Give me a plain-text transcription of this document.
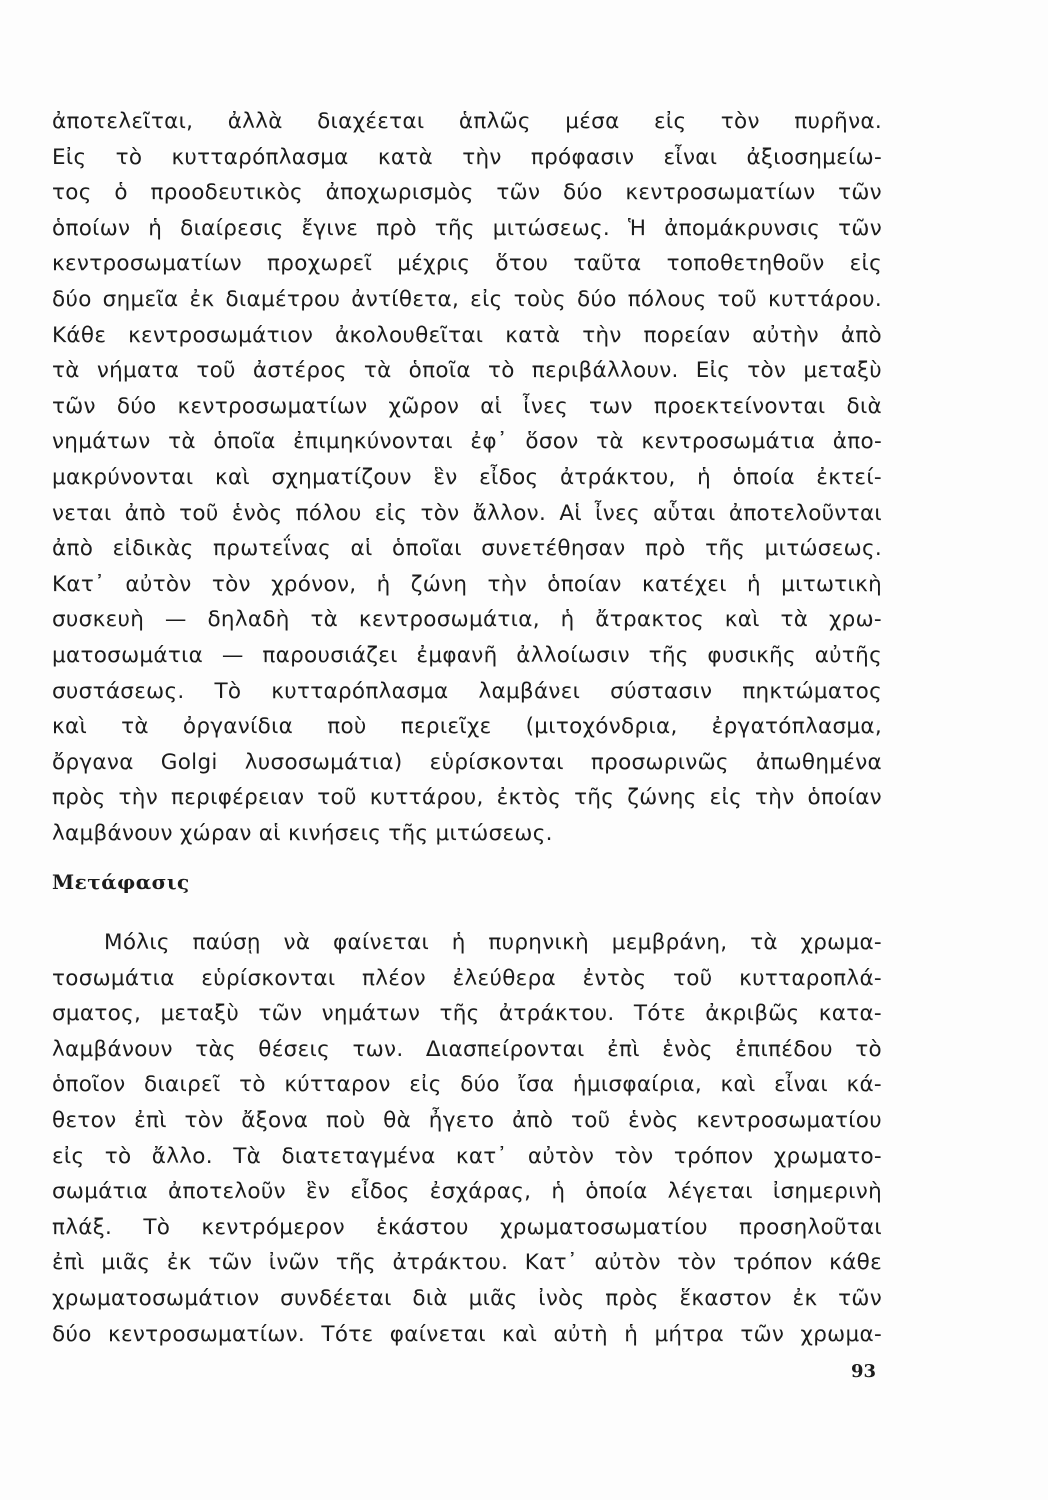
ἀποτελεῖται, ἀλλὰ διαχέεται ἁπλῶς μέσα εἰς τὸν πυρῆνα.
Εἰς τὸ κυτταρόπλασμα κατὰ τὴν πρόφασιν εἶναι ἀξιοσημείω-
τος ὁ προοδευτικὸς ἀποχωρισμὸς τῶν δύο κεντροσωματίων τῶν
ὁποίων ἡ διαίρεσις ἔγινε πρὸ τῆς μιτώσεως. Ἡ ἀπομάκρυνσις τῶν
κεντροσωματίων προχωρεῖ μέχρις ὅτου ταῦτα τοποθετηθοῦν εἰς
δύο σημεῖα ἐκ διαμέτρου ἀντίθετα, εἰς τοὺς δύο πόλους τοῦ κυττάρου.
Κάθε κεντροσωμάτιον ἀκολουθεῖται κατὰ τὴν πορείαν αὐτὴν ἀπὸ
τὰ νήματα τοῦ ἀστέρος τὰ ὁποῖα τὸ περιβάλλουν. Εἰς τὸν μεταξὺ
τῶν δύο κεντροσωματίων χῶρον αἱ ἶνες των προεκτείνονται διὰ
νημάτων τὰ ὁποῖα ἐπιμηκύνονται ἐφ᾽ ὅσον τὰ κεντροσωμάτια ἀπο-
μακρύνονται καὶ σχηματίζουν ἓν εἶδος ἀτράκτου, ἡ ὁποία ἐκτεί-
νεται ἀπὸ τοῦ ἑνὸς πόλου εἰς τὸν ἄλλον. Αἱ ἶνες αὗται ἀποτελοῦνται
ἀπὸ εἰδικὰς πρωτεΐνας αἱ ὁποῖαι συνετέθησαν πρὸ τῆς μιτώσεως.
Κατ᾽ αὐτὸν τὸν χρόνον, ἡ ζώνη τὴν ὁποίαν κατέχει ἡ μιτωτικὴ
συσκευὴ — δηλαδὴ τὰ κεντροσωμάτια, ἡ ἄτρακτος καὶ τὰ χρω-
ματοσωμάτια — παρουσιάζει ἐμφανῆ ἀλλοίωσιν τῆς φυσικῆς αὐτῆς
συστάσεως. Τὸ κυτταρόπλασμα λαμβάνει σύστασιν πηκτώματος
καὶ τὰ ὀργανίδια ποὺ περιεῖχε (μιτοχόνδρια, ἐργατόπλασμα,
ὄργανα Golgi λυσοσωμάτια) εὑρίσκονται προσωρινῶς ἀπωθημένα
πρὸς τὴν περιφέρειαν τοῦ κυττάρου, ἐκτὸς τῆς ζώνης εἰς τὴν ὁποίαν
λαμβάνουν χώραν αἱ κινήσεις τῆς μιτώσεως.
Μετάφασις
Μόλις παύσῃ νὰ φαίνεται ἡ πυρηνικὴ μεμβράνη, τὰ χρωμα-
τοσωμάτια εὑρίσκονται πλέον ἐλεύθερα ἐντὸς τοῦ κυτταροπλά-
σματος, μεταξὺ τῶν νημάτων τῆς ἀτράκτου. Τότε ἀκριβῶς κατα-
λαμβάνουν τὰς θέσεις των. Διασπείρονται ἐπὶ ἑνὸς ἐπιπέδου τὸ
ὁποῖον διαιρεῖ τὸ κύτταρον εἰς δύο ἴσα ἡμισφαίρια, καὶ εἶναι κά-
θετον ἐπὶ τὸν ἄξονα ποὺ θὰ ἦγετο ἀπὸ τοῦ ἑνὸς κεντροσωματίου
εἰς τὸ ἄλλο. Τὰ διατεταγμένα κατ᾽ αὐτὸν τὸν τρόπον χρωματο-
σωμάτια ἀποτελοῦν ἓν εἶδος ἐσχάρας, ἡ ὁποία λέγεται ἰσημερινὴ
πλάξ. Τὸ κεντρόμερον ἑκάστου χρωματοσωματίου προσηλοῦται
ἐπὶ μιᾶς ἐκ τῶν ἰνῶν τῆς ἀτράκτου. Κατ᾽ αὐτὸν τὸν τρόπον κάθε
χρωματοσωμάτιον συνδέεται διὰ μιᾶς ἰνὸς πρὸς ἕκαστον ἐκ τῶν
δύο κεντροσωματίων. Τότε φαίνεται καὶ αὐτὴ ἡ μήτρα τῶν χρωμα-
93
